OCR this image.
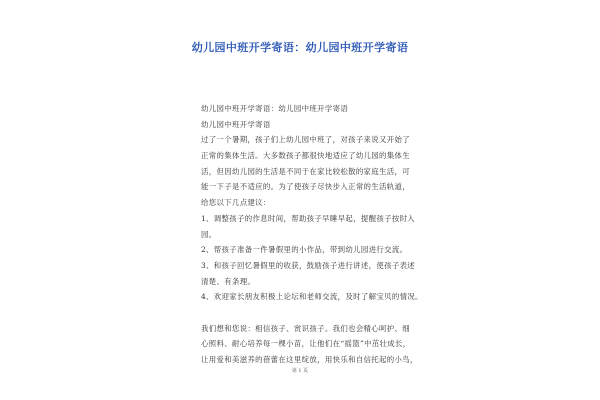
幼儿园中班开学寄语：幼儿园中班开学寄语
幼儿园中班开学寄语：幼儿园中班开学寄语
幼儿园中班开学寄语
过了一个暑期，孩子们上幼儿园中班了，对孩子来说又开始了
正常的集体生活。大多数孩子都很快地适应了幼儿园的集体生
活，但因幼儿园的生活是不同于在家比较松散的家庭生活，可
能一下子是不适应的。为了使孩子尽快步入正常的生活轨道，
给您以下几点建议：
1、调整孩子的作息时间，帮助孩子早睡早起，提醒孩子按时入
园。
2、帮孩子准备一件暑假里的小作品，带到幼儿园进行交流。
3、和孩子回忆暑假里的收获，鼓励孩子进行讲述，使孩子表述
清楚、有条理。
4、欢迎家长朋友积极上论坛和老师交流，及时了解宝贝的情况。
我们想和您说：相信孩子、赏识孩子。我们也会精心呵护、细
心照料、耐心培养每一棵小苗，让他们在“摇篮”中茁壮成长，
让用爱和美滋养的蓓蕾在这里绽放，用快乐和自信托起的小鸟，
第 1 页
